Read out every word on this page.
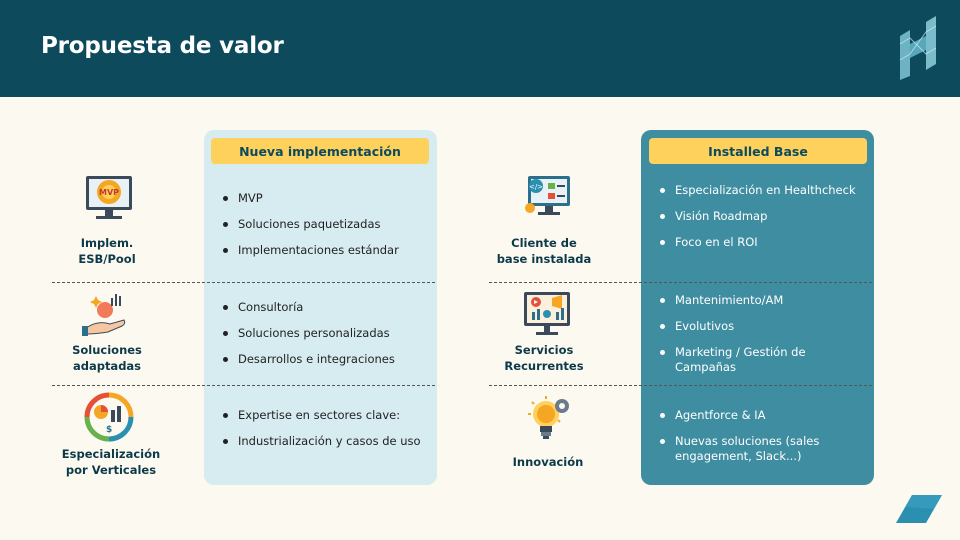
Propuesta de valor
Nueva implementación	Installed Base
MVP
Implem.
ESB/Pool
MVP
Soluciones paquetizadas
Implementaciones estándar
Soluciones
adaptadas
Consultoría
Soluciones personalizadas
Desarrollos e integraciones
$
Especialización
por Verticales
Expertise en sectores clave:
Industrialización y casos de uso
</>
Cliente de
base instalada
Especialización en Healthcheck
Visión Roadmap
Foco en el ROI
Servicios
Recurrentes
Mantenimiento/AM
Evolutivos
Marketing / Gestión de Campañas
Innovación
Agentforce & IA
Nuevas soluciones (sales engagement, Slack...)
